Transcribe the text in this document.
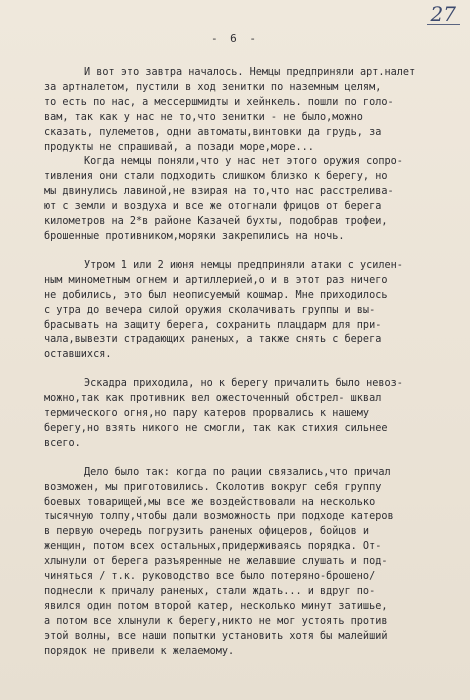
27
- 6 -
И вот это завтра началось. Немцы предприняли арт.налет
за артналетом, пустили в ход зенитки по наземным целям,
то есть по нас, а мессершмидты и хейнкель. пошли по голо-
вам, так как у нас не то,что зенитки - не было,можно
сказать, пулеметов, одни автоматы,винтовки да грудь, за
продукты не спрашивай, а позади море,море...
Когда немцы поняли,что у нас нет этого оружия сопро-
тивления они стали подходить слишком близко к берегу, но
мы двинулись лавиной,не взирая на то,что нас расстрелива-
ют с земли и воздуха и все же отогнали фрицов от берега
километров на 2*в районе Казачей бухты, подобрав трофеи,
брошенные противником,моряки закрепились на ночь.
Утром 1 или 2 июня немцы предприняли атаки с усилен-
ным минометным огнем и артиллерией,о и в этот раз ничего
не добились, это был неописуемый кошмар. Мне приходилось
с утра до вечера силой оружия сколачивать группы и вы-
брасывать на защиту берега, сохранить плацдарм для при-
чала,вывезти страдающих раненых, а также снять с берега
оставшихся.
Эскадра приходила, но к берегу причалить было невоз-
можно,так как противник вел ожесточенный обстрел- шквал
термического огня,но пару катеров прорвались к нашему
берегу,но взять никого не смогли, так как стихия сильнее
всего.
Дело было так: когда по рации связались,что причал
возможен, мы приготовились. Сколотив вокруг себя группу
боевых товарищей,мы все же воздействовали на несколько
тысячную толпу,чтобы дали возможность при подходе катеров
в первую очередь погрузить раненых офицеров, бойцов и
женщин, потом всех остальных,придерживаясь порядка. От-
хлынули от берега разъяренные не желавшие слушать и под-
чиняться / т.к. руководство все было потеряно-брошено/
поднесли к причалу раненых, стали ждать... и вдруг по-
явился один потом второй катер, несколько минут затишье,
а потом все хлынули к берегу,никто не мог устоять против
этой волны, все наши попытки установить хотя бы малейший
порядок не привели к желаемому.
